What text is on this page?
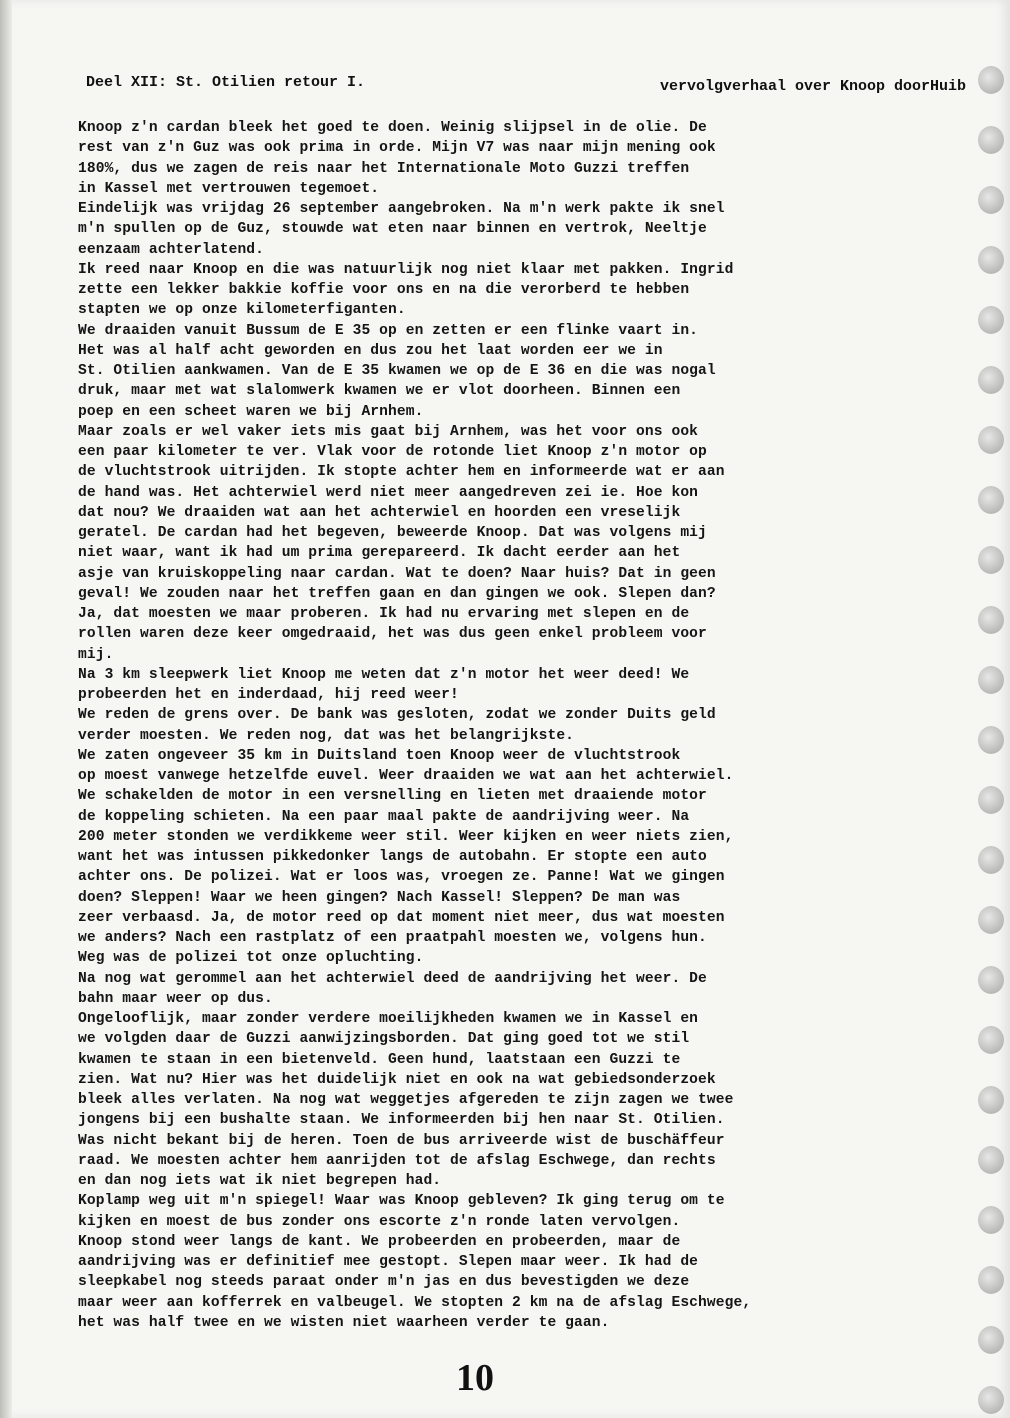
Deel XII: St. Otilien retour I.	vervolgverhaal over Knoop doorHuib
Knoop z'n cardan bleek het goed te doen. Weinig slijpsel in de olie. De
rest van z'n Guz was ook prima in orde. Mijn V7 was naar mijn mening ook
180%, dus we zagen de reis naar het Internationale Moto Guzzi treffen
in Kassel met vertrouwen tegemoet.
Eindelijk was vrijdag 26 september aangebroken. Na m'n werk pakte ik snel
m'n spullen op de Guz, stouwde wat eten naar binnen en vertrok, Neeltje
eenzaam achterlatend.
Ik reed naar Knoop en die was natuurlijk nog niet klaar met pakken. Ingrid
zette een lekker bakkie koffie voor ons en na die verorberd te hebben
stapten we op onze kilometerfiganten.
We draaiden vanuit Bussum de E 35 op en zetten er een flinke vaart in.
Het was al half acht geworden en dus zou het laat worden eer we in
St. Otilien aankwamen. Van de E 35 kwamen we op de E 36 en die was nogal
druk, maar met wat slalomwerk kwamen we er vlot doorheen. Binnen een
poep en een scheet waren we bij Arnhem.
Maar zoals er wel vaker iets mis gaat bij Arnhem, was het voor ons ook
een paar kilometer te ver. Vlak voor de rotonde liet Knoop z'n motor op
de vluchtstrook uitrijden. Ik stopte achter hem en informeerde wat er aan
de hand was. Het achterwiel werd niet meer aangedreven zei ie. Hoe kon
dat nou? We draaiden wat aan het achterwiel en hoorden een vreselijk
geratel. De cardan had het begeven, beweerde Knoop. Dat was volgens mij
niet waar, want ik had um prima gerepareerd. Ik dacht eerder aan het
asje van kruiskoppeling naar cardan. Wat te doen? Naar huis? Dat in geen
geval! We zouden naar het treffen gaan en dan gingen we ook. Slepen dan?
Ja, dat moesten we maar proberen. Ik had nu ervaring met slepen en de
rollen waren deze keer omgedraaid, het was dus geen enkel probleem voor
mij.
Na 3 km sleepwerk liet Knoop me weten dat z'n motor het weer deed! We
probeerden het en inderdaad, hij reed weer!
We reden de grens over. De bank was gesloten, zodat we zonder Duits geld
verder moesten. We reden nog, dat was het belangrijkste.
We zaten ongeveer 35 km in Duitsland toen Knoop weer de vluchtstrook
op moest vanwege hetzelfde euvel. Weer draaiden we wat aan het achterwiel.
We schakelden de motor in een versnelling en lieten met draaiende motor
de koppeling schieten. Na een paar maal pakte de aandrijving weer. Na
200 meter stonden we verdikkeme weer stil. Weer kijken en weer niets zien,
want het was intussen pikkedonker langs de autobahn. Er stopte een auto
achter ons. De polizei. Wat er loos was, vroegen ze. Panne! Wat we gingen
doen? Sleppen! Waar we heen gingen? Nach Kassel! Sleppen? De man was
zeer verbaasd. Ja, de motor reed op dat moment niet meer, dus wat moesten
we anders? Nach een rastplatz of een praatpahl moesten we, volgens hun.
Weg was de polizei tot onze opluchting.
Na nog wat gerommel aan het achterwiel deed de aandrijving het weer. De
bahn maar weer op dus.
Ongelooflijk, maar zonder verdere moeilijkheden kwamen we in Kassel en
we volgden daar de Guzzi aanwijzingsborden. Dat ging goed tot we stil
kwamen te staan in een bietenveld. Geen hund, laatstaan een Guzzi te
zien. Wat nu? Hier was het duidelijk niet en ook na wat gebiedsonderzoek
bleek alles verlaten. Na nog wat weggetjes afgereden te zijn zagen we twee
jongens bij een bushalte staan. We informeerden bij hen naar St. Otilien.
Was nicht bekant bij de heren. Toen de bus arriveerde wist de buschäffeur
raad. We moesten achter hem aanrijden tot de afslag Eschwege, dan rechts
en dan nog iets wat ik niet begrepen had.
Koplamp weg uit m'n spiegel! Waar was Knoop gebleven? Ik ging terug om te
kijken en moest de bus zonder ons escorte z'n ronde laten vervolgen.
Knoop stond weer langs de kant. We probeerden en probeerden, maar de
aandrijving was er definitief mee gestopt. Slepen maar weer. Ik had de
sleepkabel nog steeds paraat onder m'n jas en dus bevestigden we deze
maar weer aan kofferrek en valbeugel. We stopten 2 km na de afslag Eschwege,
het was half twee en we wisten niet waarheen verder te gaan.
10
